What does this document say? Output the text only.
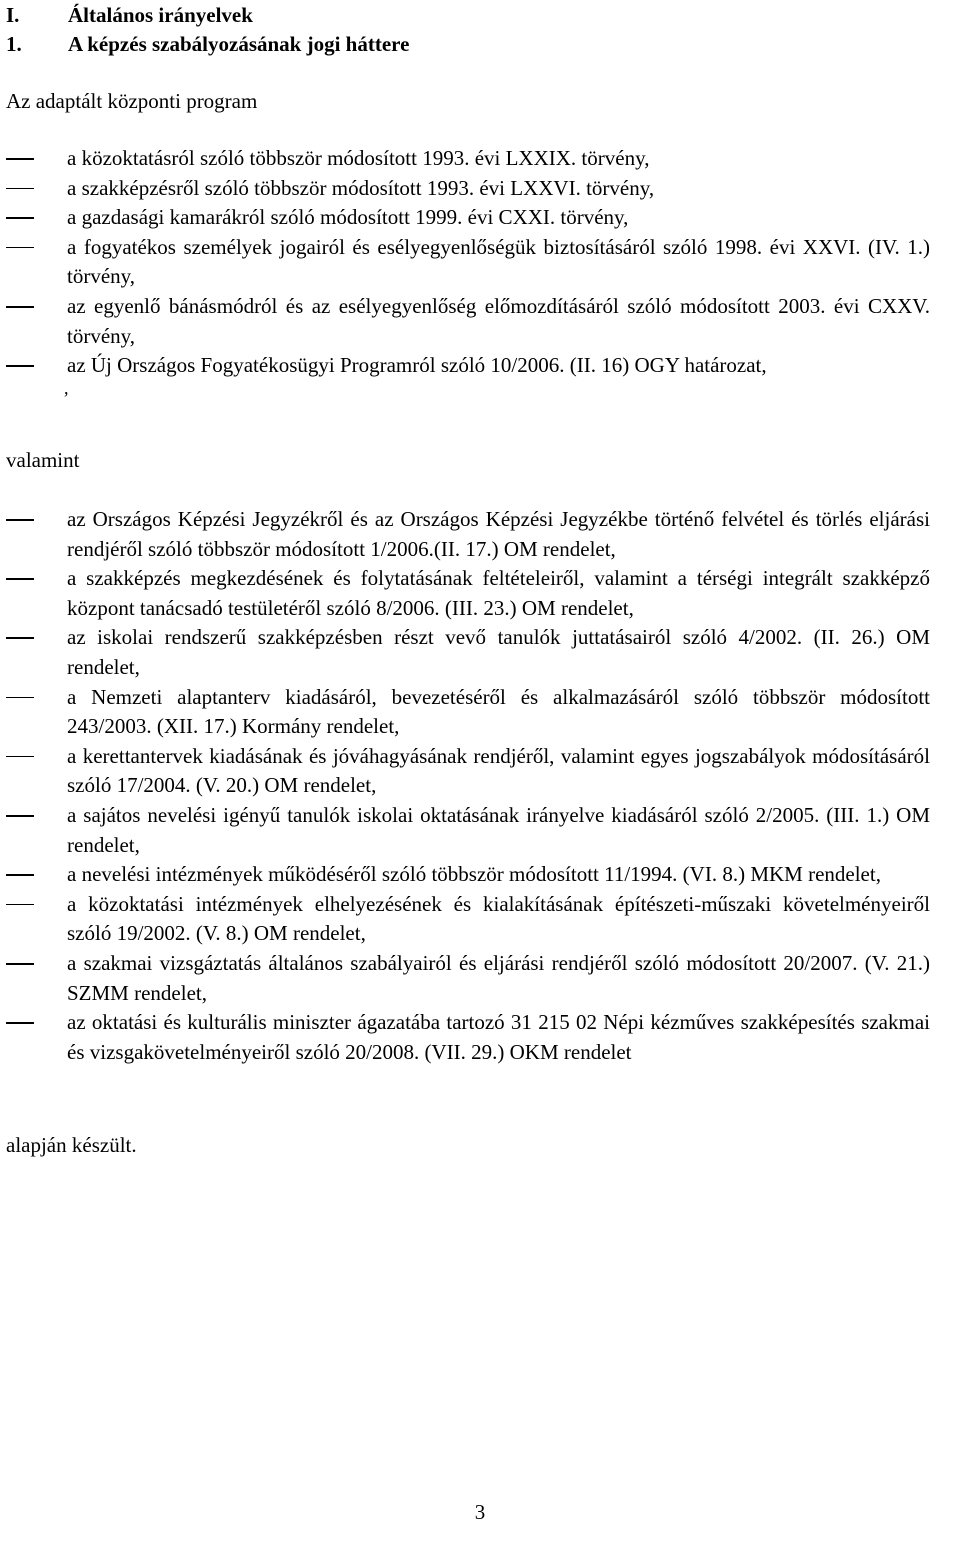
I. Általános irányelvek
1. A képzés szabályozásának jogi háttere
Az adaptált központi program
a közoktatásról szóló többször módosított 1993. évi LXXIX. törvény,
a szakképzésről szóló többször módosított 1993. évi LXXVI. törvény,
a gazdasági kamarákról szóló módosított 1999. évi CXXI. törvény,
a fogyatékos személyek jogairól és esélyegyenlőségük biztosításáról szóló 1998. évi XXVI. (IV. 1.) törvény,
az egyenlő bánásmódról és az esélyegyenlőség előmozdításáról szóló módosított 2003. évi CXXV. törvény,
az Új Országos Fogyatékosügyi Programról szóló 10/2006. (II. 16) OGY határozat,
,
valamint
az Országos Képzési Jegyzékről és az Országos Képzési Jegyzékbe történő felvétel és törlés eljárási rendjéről szóló többször módosított 1/2006.(II. 17.) OM rendelet,
a szakképzés megkezdésének és folytatásának feltételeiről, valamint a térségi integrált szakképző központ tanácsadó testületéről szóló 8/2006. (III. 23.) OM rendelet,
az iskolai rendszerű szakképzésben részt vevő tanulók juttatásairól szóló 4/2002. (II. 26.) OM rendelet,
a Nemzeti alaptanterv kiadásáról, bevezetéséről és alkalmazásáról szóló többször módosított 243/2003. (XII. 17.) Kormány rendelet,
a kerettantervek kiadásának és jóváhagyásának rendjéről, valamint egyes jogszabályok módosításáról szóló 17/2004. (V. 20.) OM rendelet,
a sajátos nevelési igényű tanulók iskolai oktatásának irányelve kiadásáról szóló 2/2005. (III. 1.) OM rendelet,
a nevelési intézmények működéséről szóló többször módosított 11/1994. (VI. 8.) MKM rendelet,
a közoktatási intézmények elhelyezésének és kialakításának építészeti-műszaki követelményeiről szóló 19/2002. (V. 8.) OM rendelet,
a szakmai vizsgáztatás általános szabályairól és eljárási rendjéről szóló módosított 20/2007. (V. 21.) SZMM rendelet,
az oktatási és kulturális miniszter ágazatába tartozó 31 215 02 Népi kézműves szakképesítés szakmai és vizsgakövetelményeiről szóló 20/2008. (VII. 29.) OKM rendelet
alapján készült.
3
